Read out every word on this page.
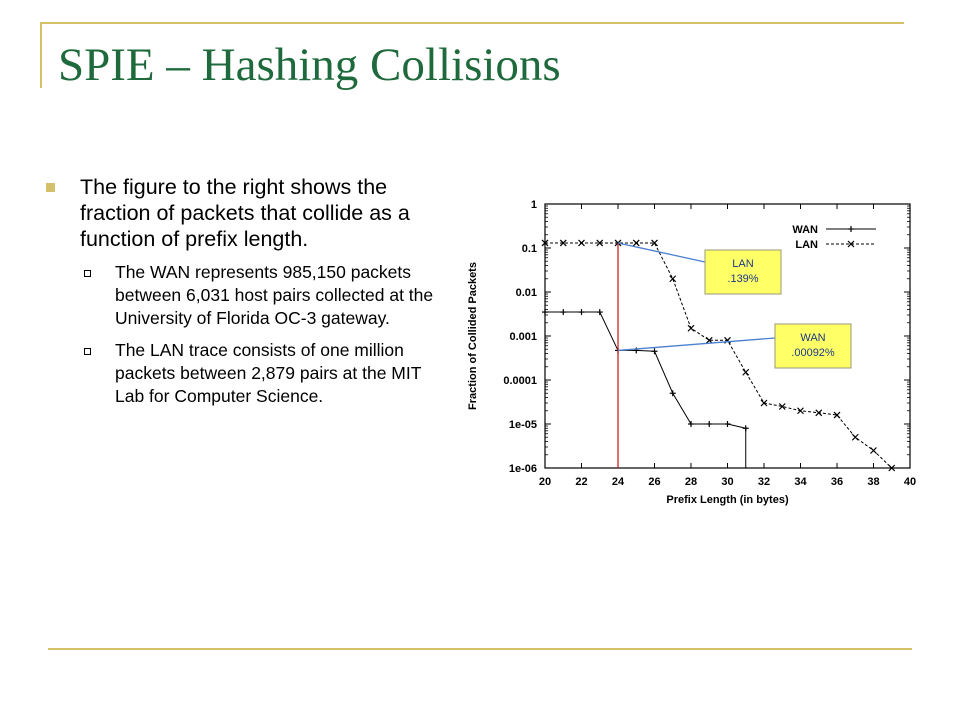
SPIE – Hashing Collisions
The figure to the right shows the fraction of packets that collide as a function of prefix length.
The WAN represents 985,150 packets between 6,031 host pairs collected at the University of Florida OC-3 gateway.
The LAN trace consists of one million packets between 2,879 pairs at the MIT Lab for Computer Science.
20 22 24 26 28 30 32 34 36 38 40
1
0.1
0.01
0.001
0.0001
1e-05
1e-06
Prefix Length (in bytes)
Fraction of Collided Packets
WAN
LAN
LAN
.139%
WAN
.00092%
